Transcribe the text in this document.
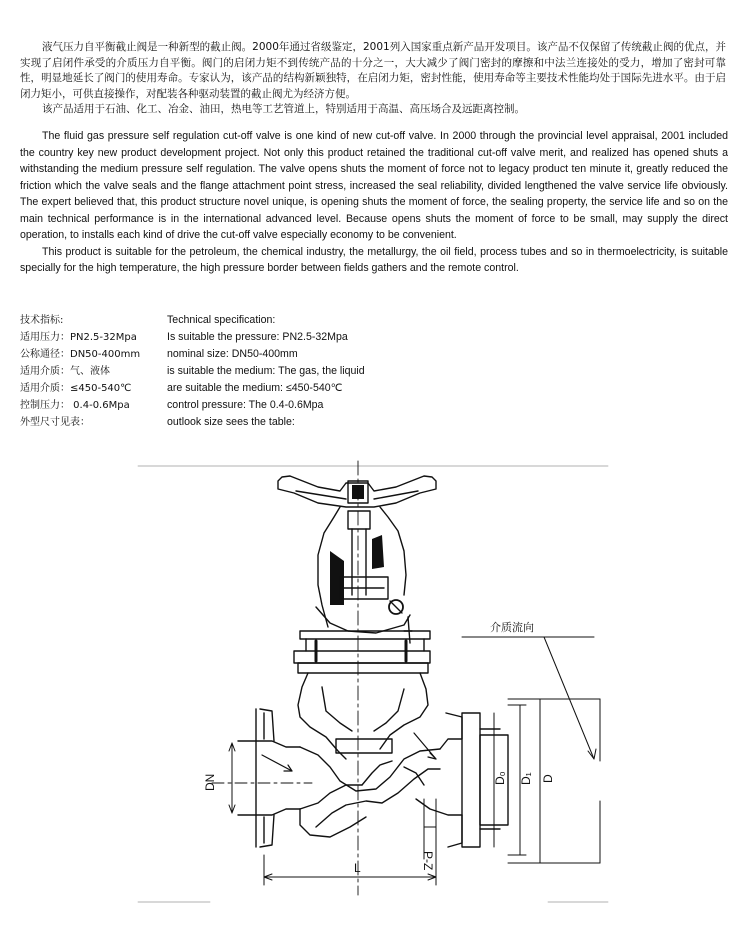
液气压力自平衡截止阀是一种新型的截止阀。2000年通过省级鉴定，2001列入国家重点新产品开发项目。该产品不仅保留了传统截止阀的优点，并实现了启闭件承受的介质压力自平衡。阀门的启闭力矩不到传统产品的十分之一，大大减少了阀门密封的摩擦和中法兰连接处的受力，增加了密封可靠性，明显地延长了阀门的使用寿命。专家认为，该产品的结构新颖独特，在启闭力矩，密封性能，使用寿命等主要技术性能均处于国际先进水平。由于启闭力矩小，可供直接操作，对配装各种驱动装置的截止阀尤为经济方便。

该产品适用于石油、化工、冶金、油田，热电等工艺管道上，特别适用于高温、高压场合及远距离控制。

The fluid gas pressure self regulation cut-off valve is one kind of new cut-off valve. In 2000 through the provincial level appraisal, 2001 included the country key new product development project. Not only this product retained the traditional cut-off valve merit, and realized has opened shuts a withstanding the medium pressure self regulation. The valve opens shuts the moment of force not to legacy product ten minute it, greatly reduced the friction which the valve seals and the flange attachment point stress, increased the seal reliability, divided lengthened the valve service life obviously. The expert believed that, this product structure novel unique, is opening shuts the moment of force, the sealing property, the service life and so on the main technical performance is in the international advanced level. Because opens shuts the moment of force to be small, may supply the direct operation, to installs each kind of drive the cut-off valve especially economy to be convenient.

This product is suitable for the petroleum, the chemical industry, the metallurgy, the oil field, process tubes and so in thermoelectricity, is suitable specially for the high temperature, the high pressure border between fields gathers and the remote control.

技术指标:	Technical specification:
适用压力：PN2.5-32Mpa	Is suitable the pressure: PN2.5-32Mpa
公称通径：DN50-400mm	nominal size: DN50-400mm
适用介质：气、液体	is suitable the medium: The gas, the liquid
适用介质：≤450-540℃	are suitable the medium: ≤450-540℃
控制压力： 0.4-0.6Mpa	control pressure: The 0.4-0.6Mpa
外型尺寸见表：	outlook size sees the table:
介质流向
DN	D₀ D₁ D
L	P-Z
